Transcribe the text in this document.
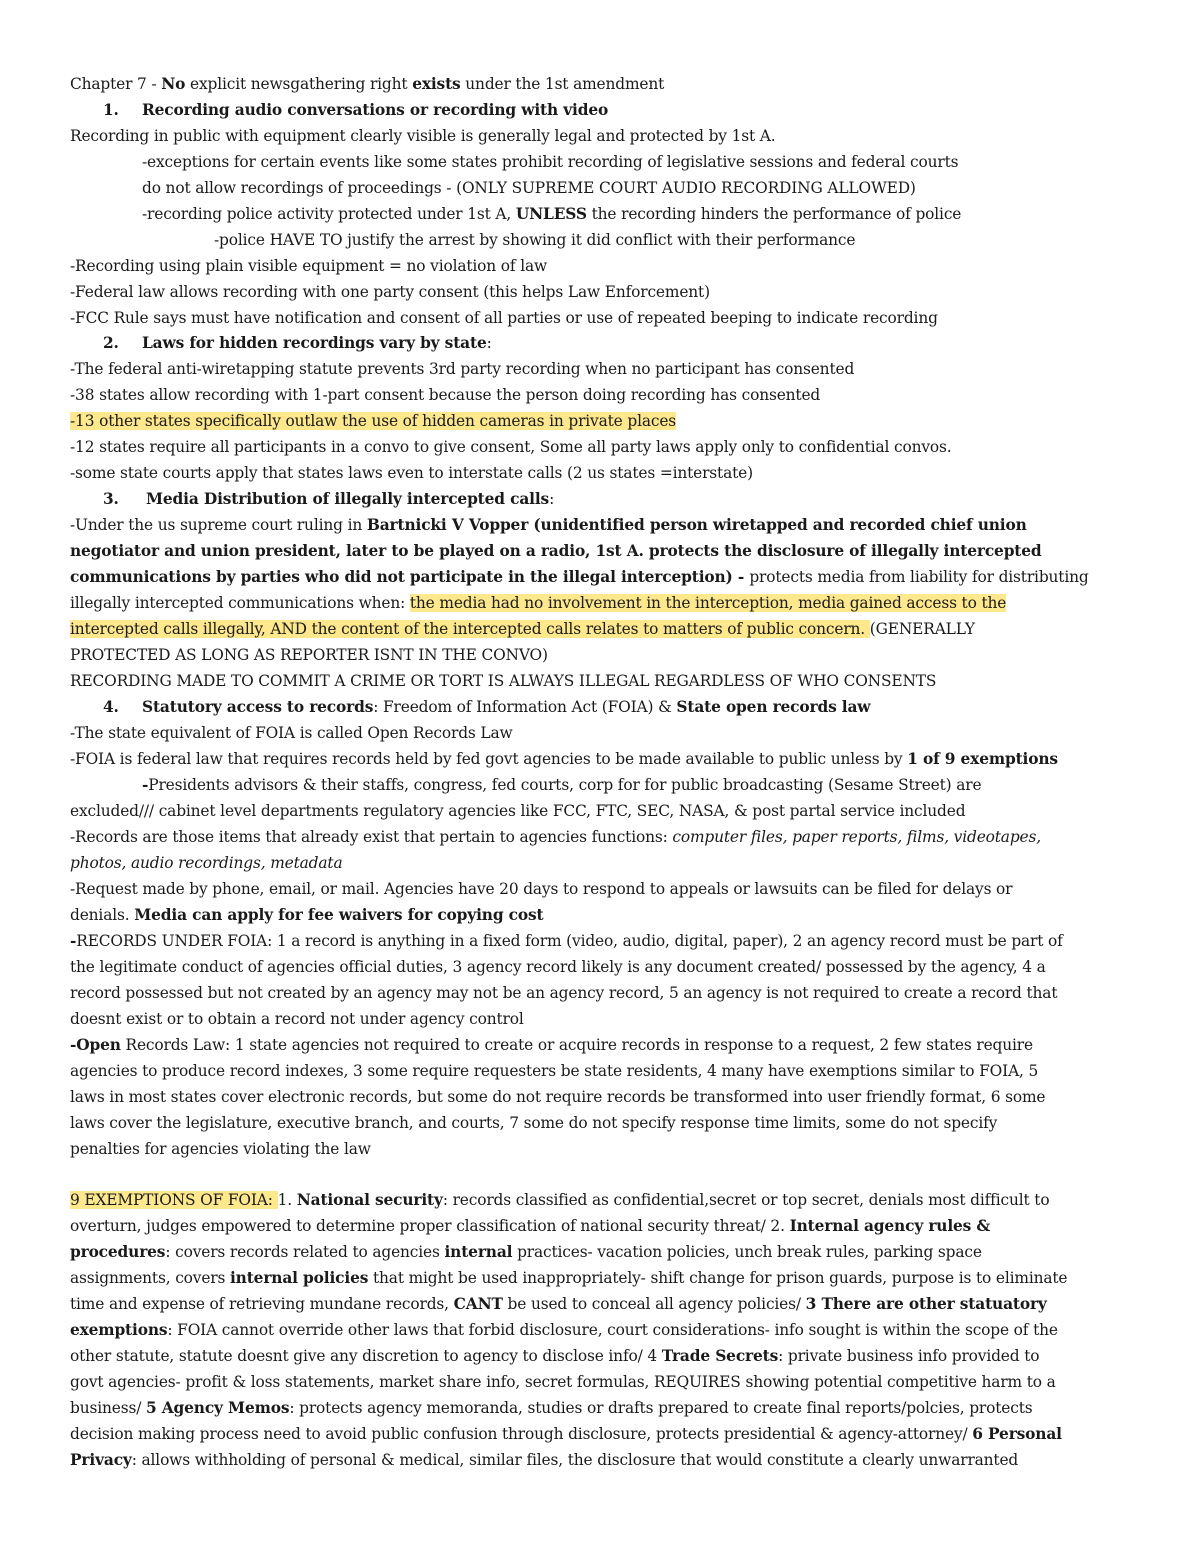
Chapter 7 - No explicit newsgathering right exists under the 1st amendment
1. Recording audio conversations or recording with video
Recording in public with equipment clearly visible is generally legal and protected by 1st A.
-exceptions for certain events like some states prohibit recording of legislative sessions and federal courts
do not allow recordings of proceedings - (ONLY SUPREME COURT AUDIO RECORDING ALLOWED)
-recording police activity protected under 1st A, UNLESS the recording hinders the performance of police
-police HAVE TO justify the arrest by showing it did conflict with their performance
-Recording using plain visible equipment = no violation of law
-Federal law allows recording with one party consent (this helps Law Enforcement)
-FCC Rule says must have notification and consent of all parties or use of repeated beeping to indicate recording
2. Laws for hidden recordings vary by state:
-The federal anti-wiretapping statute prevents 3rd party recording when no participant has consented
-38 states allow recording with 1-part consent because the person doing recording has consented
-13 other states specifically outlaw the use of hidden cameras in private places
-12 states require all participants in a convo to give consent, Some all party laws apply only to confidential convos.
-some state courts apply that states laws even to interstate calls (2 us states =interstate)
3. Media Distribution of illegally intercepted calls:
-Under the us supreme court ruling in Bartnicki V Vopper (unidentified person wiretapped and recorded chief union
negotiator and union president, later to be played on a radio, 1st A. protects the disclosure of illegally intercepted
communications by parties who did not participate in the illegal interception) - protects media from liability for distributing
illegally intercepted communications when: the media had no involvement in the interception, media gained access to the
intercepted calls illegally, AND the content of the intercepted calls relates to matters of public concern. (GENERALLY
PROTECTED AS LONG AS REPORTER ISNT IN THE CONVO)
RECORDING MADE TO COMMIT A CRIME OR TORT IS ALWAYS ILLEGAL REGARDLESS OF WHO CONSENTS
4. Statutory access to records: Freedom of Information Act (FOIA) & State open records law
-The state equivalent of FOIA is called Open Records Law
-FOIA is federal law that requires records held by fed govt agencies to be made available to public unless by 1 of 9 exemptions
-Presidents advisors & their staffs, congress, fed courts, corp for for public broadcasting (Sesame Street) are
excluded/// cabinet level departments regulatory agencies like FCC, FTC, SEC, NASA, & post partal service included
-Records are those items that already exist that pertain to agencies functions: computer files, paper reports, films, videotapes,
photos, audio recordings, metadata
-Request made by phone, email, or mail. Agencies have 20 days to respond to appeals or lawsuits can be filed for delays or
denials. Media can apply for fee waivers for copying cost
-RECORDS UNDER FOIA: 1 a record is anything in a fixed form (video, audio, digital, paper), 2 an agency record must be part of
the legitimate conduct of agencies official duties, 3 agency record likely is any document created/ possessed by the agency, 4 a
record possessed but not created by an agency may not be an agency record, 5 an agency is not required to create a record that
doesnt exist or to obtain a record not under agency control
-Open Records Law: 1 state agencies not required to create or acquire records in response to a request, 2 few states require
agencies to produce record indexes, 3 some require requesters be state residents, 4 many have exemptions similar to FOIA, 5
laws in most states cover electronic records, but some do not require records be transformed into user friendly format, 6 some
laws cover the legislature, executive branch, and courts, 7 some do not specify response time limits, some do not specify
penalties for agencies violating the law
9 EXEMPTIONS OF FOIA: 1. National security: records classified as confidential,secret or top secret, denials most difficult to
overturn, judges empowered to determine proper classification of national security threat/ 2. Internal agency rules &
procedures: covers records related to agencies internal practices- vacation policies, unch break rules, parking space
assignments, covers internal policies that might be used inappropriately- shift change for prison guards, purpose is to eliminate
time and expense of retrieving mundane records, CANT be used to conceal all agency policies/ 3 There are other statuatory
exemptions: FOIA cannot override other laws that forbid disclosure, court considerations- info sought is within the scope of the
other statute, statute doesnt give any discretion to agency to disclose info/ 4 Trade Secrets: private business info provided to
govt agencies- profit & loss statements, market share info, secret formulas, REQUIRES showing potential competitive harm to a
business/ 5 Agency Memos: protects agency memoranda, studies or drafts prepared to create final reports/polcies, protects
decision making process need to avoid public confusion through disclosure, protects presidential & agency-attorney/ 6 Personal
Privacy: allows withholding of personal & medical, similar files, the disclosure that would constitute a clearly unwarranted
